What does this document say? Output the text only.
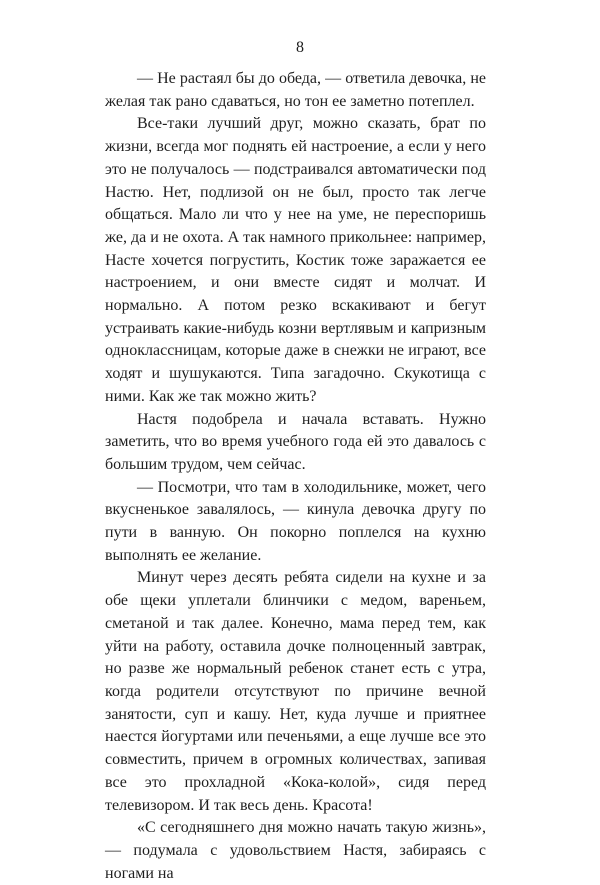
8

— Не растаял бы до обеда, — ответила девочка, не желая так рано сдаваться, но тон ее заметно потеплел.

Все-таки лучший друг, можно сказать, брат по жизни, всегда мог поднять ей настроение, а если у него это не получалось — подстраивался автоматически под Настю. Нет, подлизой он не был, просто так легче общаться. Мало ли что у нее на уме, не переспоришь же, да и не охота. А так намного прикольнее: например, Насте хочется погрустить, Костик тоже заражается ее настроением, и они вместе сидят и молчат. И нормально. А потом резко вскакивают и бегут устраивать какие-нибудь козни вертлявым и капризным одноклассницам, которые даже в снежки не играют, все ходят и шушукаются. Типа загадочно. Скукотища с ними. Как же так можно жить?

Настя подобрела и начала вставать. Нужно заметить, что во время учебного года ей это давалось с большим трудом, чем сейчас.

— Посмотри, что там в холодильнике, может, чего вкусненькое завалялось, — кинула девочка другу по пути в ванную. Он покорно поплелся на кухню выполнять ее желание.

Минут через десять ребята сидели на кухне и за обе щеки уплетали блинчики с медом, вареньем, сметаной и так далее. Конечно, мама перед тем, как уйти на работу, оставила дочке полноценный завтрак, но разве же нормальный ребенок станет есть с утра, когда родители отсутствуют по причине вечной занятости, суп и кашу. Нет, куда лучше и приятнее наестся йогуртами или печеньями, а еще лучше все это совместить, причем в огромных количествах, запивая все это прохладной «Кока-колой», сидя перед телевизором. И так весь день. Красота!

«С сегодняшнего дня можно начать такую жизнь», — подумала с удовольствием Настя, забираясь с ногами на
